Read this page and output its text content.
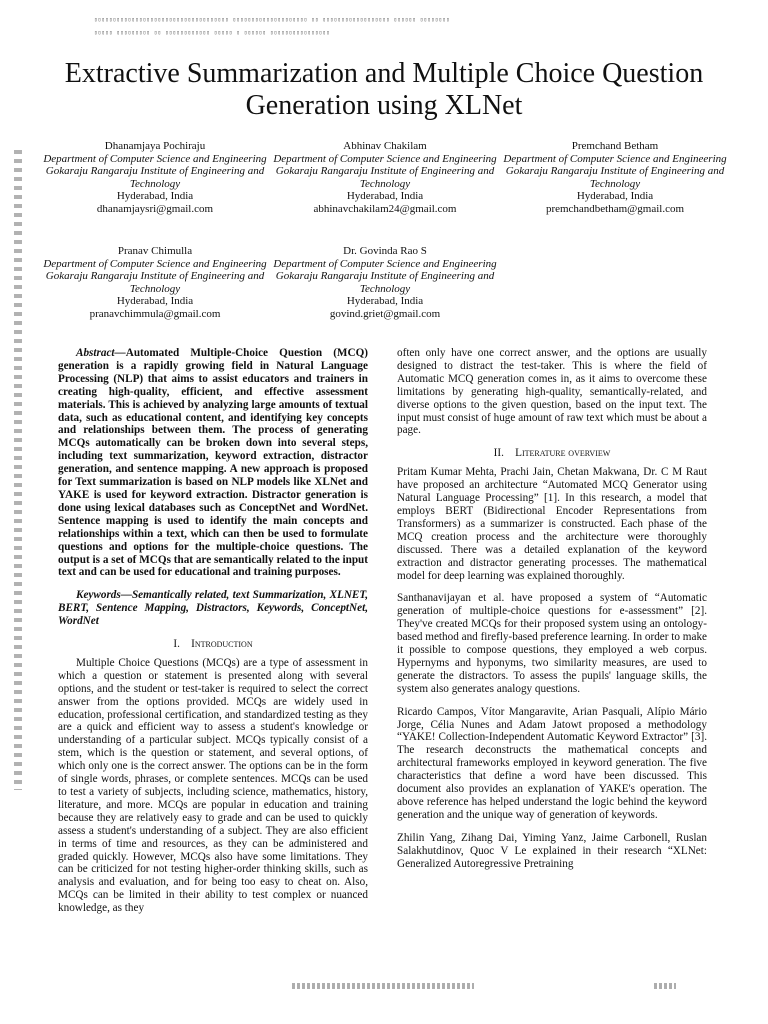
▯▯▯▯▯▯▯▯▯▯▯▯▯▯▯▯▯▯▯▯▯▯▯▯▯▯▯▯▯▯▯▯▯▯▯▯ ▯▯▯▯▯▯▯▯▯▯▯▯▯▯▯▯▯▯▯▯ ▯▯ ▯▯▯▯▯▯▯▯▯▯▯▯▯▯▯▯▯▯ ▯▯▯▯▯▯ ▯▯▯▯▯▯▯▯
▯▯▯▯▯ ▯▯▯▯▯▯▯▯▯ ▯▯ ▯▯▯▯▯▯▯▯▯▯▯▯ ▯▯▯▯▯ ▯ ▯▯▯▯▯▯ ▯▯▯▯▯▯▯▯▯▯▯▯▯▯▯▯
Extractive Summarization and Multiple Choice Question Generation using XLNet
Dhanamjaya Pochiraju
Department of Computer Science and Engineering
Gokaraju Rangaraju Institute of Engineering and Technology
Hyderabad, India
dhanamjaysri@gmail.com
Abhinav Chakilam
Department of Computer Science and Engineering
Gokaraju Rangaraju Institute of Engineering and Technology
Hyderabad, India
abhinavchakilam24@gmail.com
Premchand Betham
Department of Computer Science and Engineering
Gokaraju Rangaraju Institute of Engineering and Technology
Hyderabad, India
premchandbetham@gmail.com
Pranav Chimulla
Department of Computer Science and Engineering
Gokaraju Rangaraju Institute of Engineering and Technology
Hyderabad, India
pranavchimmula@gmail.com
Dr. Govinda Rao S
Department of Computer Science and Engineering
Gokaraju Rangaraju Institute of Engineering and Technology
Hyderabad, India
govind.griet@gmail.com

Abstract—Automated Multiple-Choice Question (MCQ) generation is a rapidly growing field in Natural Language Processing (NLP) that aims to assist educators and trainers in creating high-quality, efficient, and effective assessment materials. This is achieved by analyzing large amounts of textual data, such as educational content, and identifying key concepts and relationships between them. The process of generating MCQs automatically can be broken down into several steps, including text summarization, keyword extraction, distractor generation, and sentence mapping. A new approach is proposed for Text summarization is based on NLP models like XLNet and YAKE is used for keyword extraction. Distractor generation is done using lexical databases such as ConceptNet and WordNet. Sentence mapping is used to identify the main concepts and relationships within a text, which can then be used to formulate questions and options for the multiple-choice questions. The output is a set of MCQs that are semantically related to the input text and can be used for educational and training purposes.

Keywords—Semantically related, text Summarization, XLNET, BERT, Sentence Mapping, Distractors, Keywords, ConceptNet, WordNet

I. Introduction

Multiple Choice Questions (MCQs) are a type of assessment in which a question or statement is presented along with several options, and the student or test-taker is required to select the correct answer from the options provided. MCQs are widely used in education, professional certification, and standardized testing as they are a quick and efficient way to assess a student's knowledge or understanding of a particular subject. MCQs typically consist of a stem, which is the question or statement, and several options, of which only one is the correct answer. The options can be in the form of single words, phrases, or complete sentences. MCQs can be used to test a variety of subjects, including science, mathematics, history, literature, and more. MCQs are popular in education and training because they are relatively easy to grade and can be used to quickly assess a student's understanding of a subject. They are also efficient in terms of time and resources, as they can be administered and graded quickly. However, MCQs also have some limitations. They can be criticized for not testing higher-order thinking skills, such as analysis and evaluation, and for being too easy to cheat on. Also, MCQs can be limited in their ability to test complex or nuanced knowledge, as they

often only have one correct answer, and the options are usually designed to distract the test-taker. This is where the field of Automatic MCQ generation comes in, as it aims to overcome these limitations by generating high-quality, semantically-related, and diverse options to the given question, based on the input text. The input must consist of huge amount of raw text which must be about a page.

II. Literature overview

Pritam Kumar Mehta, Prachi Jain, Chetan Makwana, Dr. C M Raut have proposed an architecture “Automated MCQ Generator using Natural Language Processing” [1]. In this research, a model that employs BERT (Bidirectional Encoder Representations from Transformers) as a summarizer is constructed. Each phase of the MCQ creation process and the architecture were thoroughly discussed. There was a detailed explanation of the keyword extraction and distractor generating processes. The mathematical model for deep learning was explained thoroughly.

Santhanavijayan et al. have proposed a system of “Automatic generation of multiple-choice questions for e-assessment” [2]. They've created MCQs for their proposed system using an ontology-based method and firefly-based preference learning. In order to make it possible to compose questions, they employed a web corpus. Hypernyms and hyponyms, two similarity measures, are used to generate the distractors. To assess the pupils' language skills, the system also generates analogy questions.

Ricardo Campos, Vítor Mangaravite, Arian Pasquali, Alípio Mário Jorge, Célia Nunes and Adam Jatowt proposed a methodology “YAKE! Collection-Independent Automatic Keyword Extractor” [3]. The research deconstructs the mathematical concepts and architectural frameworks employed in keyword generation. The five characteristics that define a word have been discussed. This document also provides an explanation of YAKE's operation. The above reference has helped understand the logic behind the keyword generation and the unique way of generation of keywords.

Zhilin Yang, Zihang Dai, Yiming Yanz, Jaime Carbonell, Ruslan Salakhutdinov, Quoc V Le explained in their research “XLNet: Generalized Autoregressive Pretraining
